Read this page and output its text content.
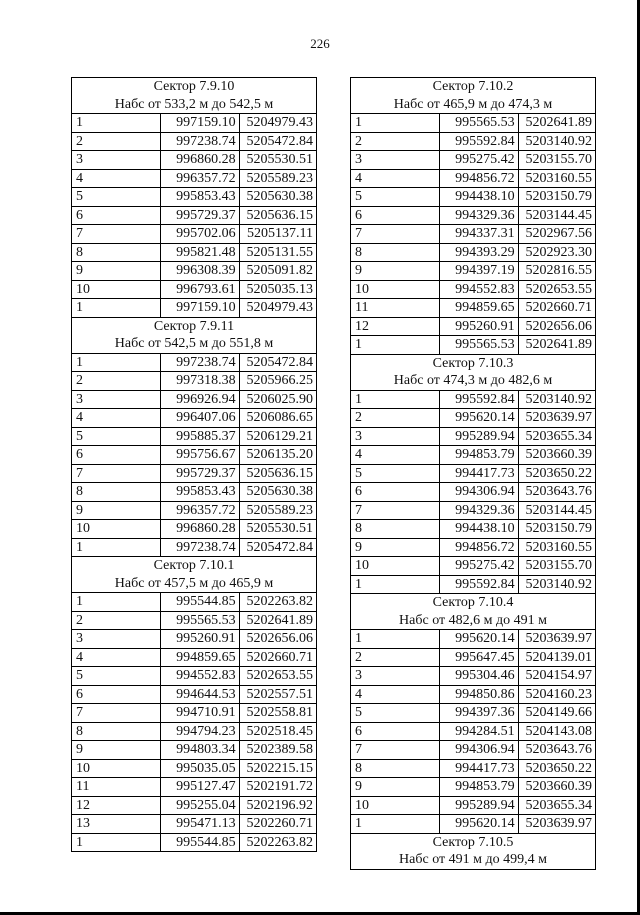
226
Сектор 7.9.10
Набс от 533,2 м до 542,5 м		

1	997159.10	5204979.43
2	997238.74	5205472.84
3	996860.28	5205530.51
4	996357.72	5205589.23
5	995853.43	5205630.38
6	995729.37	5205636.15
7	995702.06	5205137.11
8	995821.48	5205131.55
9	996308.39	5205091.82
10	996793.61	5205035.13
1	997159.10	5204979.43

Сектор 7.9.11
Набс от 542,5 м до 551,8 м		

1	997238.74	5205472.84
2	997318.38	5205966.25
3	996926.94	5206025.90
4	996407.06	5206086.65
5	995885.37	5206129.21
6	995756.67	5206135.20
7	995729.37	5205636.15
8	995853.43	5205630.38
9	996357.72	5205589.23
10	996860.28	5205530.51
1	997238.74	5205472.84

Сектор 7.10.1
Набс от 457,5 м до 465,9 м		

1	995544.85	5202263.82
2	995565.53	5202641.89
3	995260.91	5202656.06
4	994859.65	5202660.71
5	994552.83	5202653.55
6	994644.53	5202557.51
7	994710.91	5202558.81
8	994794.23	5202518.45
9	994803.34	5202389.58
10	995035.05	5202215.15
11	995127.47	5202191.72
12	995255.04	5202196.92
13	995471.13	5202260.71
1	995544.85	5202263.82
Сектор 7.10.2
Набс от 465,9 м до 474,3 м		

1	995565.53	5202641.89
2	995592.84	5203140.92
3	995275.42	5203155.70
4	994856.72	5203160.55
5	994438.10	5203150.79
6	994329.36	5203144.45
7	994337.31	5202967.56
8	994393.29	5202923.30
9	994397.19	5202816.55
10	994552.83	5202653.55
11	994859.65	5202660.71
12	995260.91	5202656.06
1	995565.53	5202641.89

Сектор 7.10.3
Набс от 474,3 м до 482,6 м		

1	995592.84	5203140.92
2	995620.14	5203639.97
3	995289.94	5203655.34
4	994853.79	5203660.39
5	994417.73	5203650.22
6	994306.94	5203643.76
7	994329.36	5203144.45
8	994438.10	5203150.79
9	994856.72	5203160.55
10	995275.42	5203155.70
1	995592.84	5203140.92

Сектор 7.10.4
Набс от 482,6 м до 491 м		

1	995620.14	5203639.97
2	995647.45	5204139.01
3	995304.46	5204154.97
4	994850.86	5204160.23
5	994397.36	5204149.66
6	994284.51	5204143.08
7	994306.94	5203643.76
8	994417.73	5203650.22
9	994853.79	5203660.39
10	995289.94	5203655.34
1	995620.14	5203639.97

Сектор 7.10.5
Набс от 491 м до 499,4 м		
